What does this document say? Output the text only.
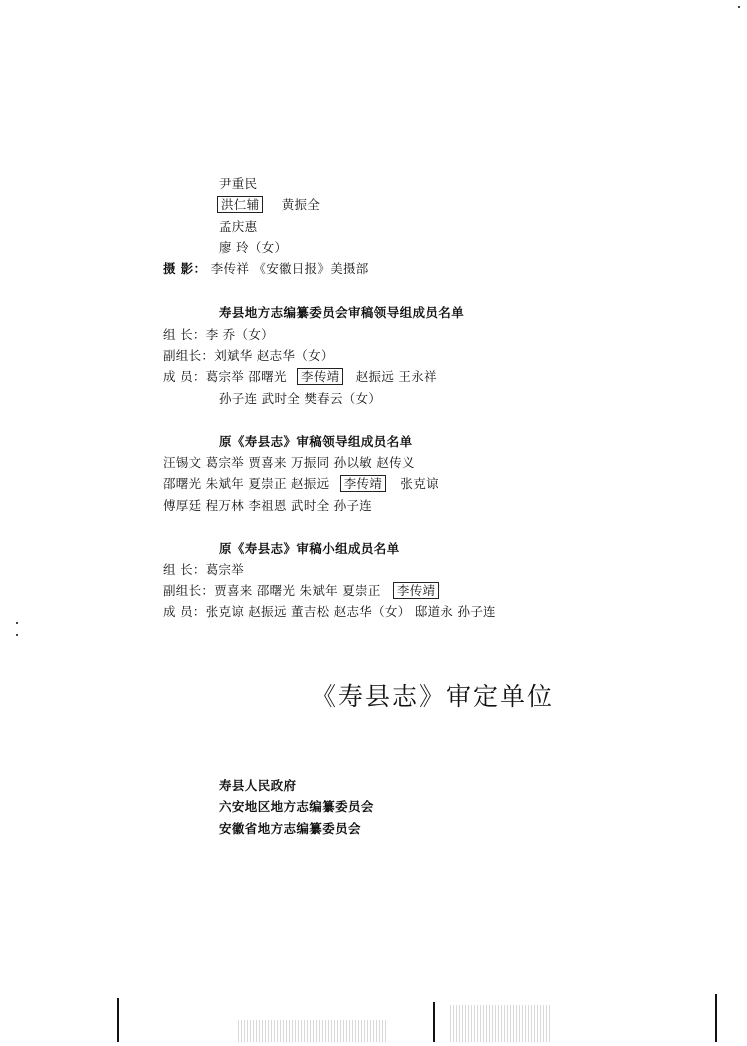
尹重民
洪仁辅 黄振全
孟庆惠
廖 玲（女）
摄 影： 李传祥 《安徽日报》美摄部
寿县地方志编纂委员会审稿领导组成员名单
组 长：李 乔（女）
副组长：刘斌华 赵志华（女）
成 员：葛宗举 邵曙光 李传靖 赵振远 王永祥
孙子连 武时全 樊春云（女）
原《寿县志》审稿领导组成员名单
汪锡文 葛宗举 贾喜来 万振同 孙以敏 赵传义
邵曙光 朱斌年 夏崇正 赵振远 李传靖 张克谅
傅厚廷 程万林 李祖恩 武时全 孙子连
原《寿县志》审稿小组成员名单
组 长：葛宗举
副组长：贾喜来 邵曙光 朱斌年 夏崇正 李传靖
成 员：张克谅 赵振远 董吉松 赵志华（女） 邸道永 孙子连
《寿县志》审定单位
寿县人民政府
六安地区地方志编纂委员会
安徽省地方志编纂委员会
